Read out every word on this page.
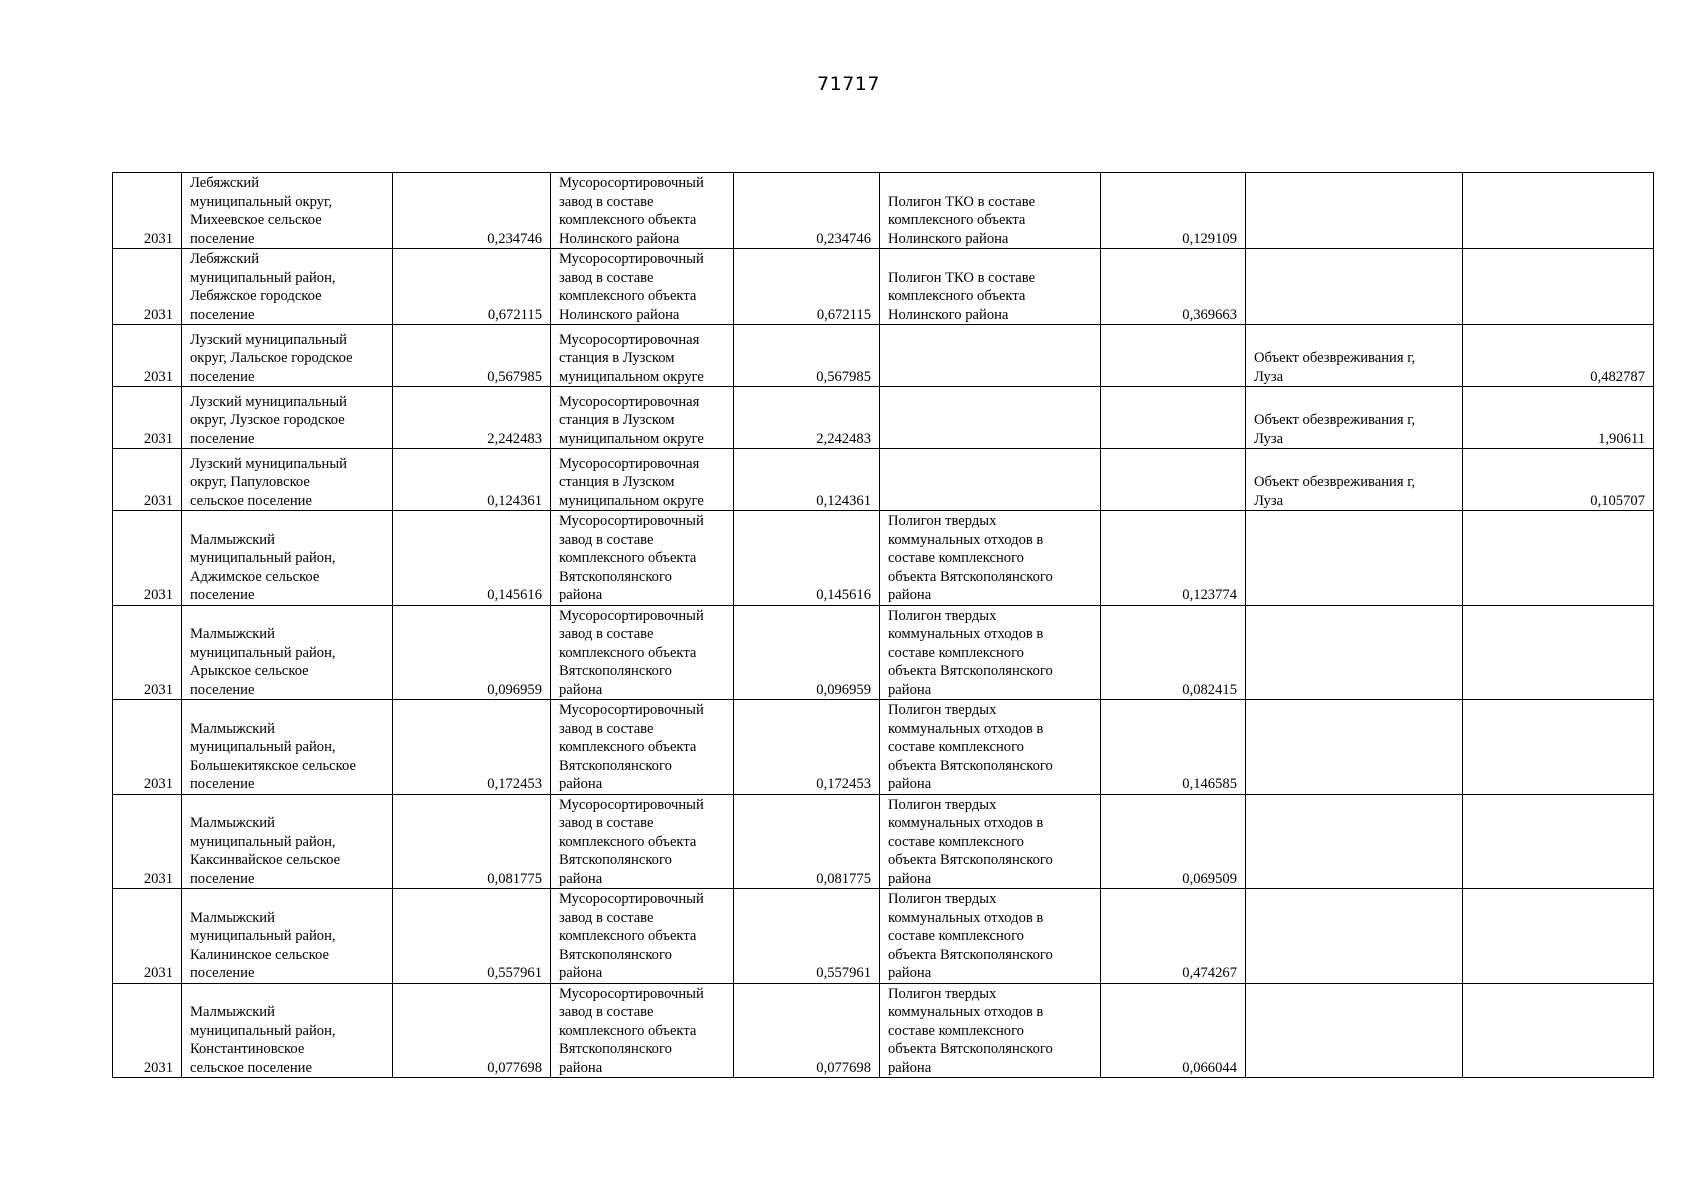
71717
2031	Лебяжский
муниципальный округ,
Михеевское сельское
поселение	0,234746	Мусоросортировочный
завод в составе
комплексного объекта
Нолинского района	0,234746	Полигон ТКО в составе
комплексного объекта
Нолинского района	0,129109		

2031	Лебяжский
муниципальный район,
Лебяжское городское
поселение	0,672115	Мусоросортировочный
завод в составе
комплексного объекта
Нолинского района	0,672115	Полигон ТКО в составе
комплексного объекта
Нолинского района	0,369663		

2031	Лузский муниципальный
округ, Лальское городское
поселение	0,567985	Мусоросортировочная
станция в Лузском
муниципальном округе	0,567985			Объект обезвреживания г,
Луза	0,482787

2031	Лузский муниципальный
округ, Лузское городское
поселение	2,242483	Мусоросортировочная
станция в Лузском
муниципальном округе	2,242483			Объект обезвреживания г,
Луза	1,90611

2031	Лузский муниципальный
округ, Папуловское
сельское поселение	0,124361	Мусоросортировочная
станция в Лузском
муниципальном округе	0,124361			Объект обезвреживания г,
Луза	0,105707

2031	Малмыжский
муниципальный район,
Аджимское сельское
поселение	0,145616	Мусоросортировочный
завод в составе
комплексного объекта
Вятскополянского
района	0,145616	Полигон твердых
коммунальных отходов в
составе комплексного
объекта Вятскополянского
района	0,123774		

2031	Малмыжский
муниципальный район,
Арыкское сельское
поселение	0,096959	Мусоросортировочный
завод в составе
комплексного объекта
Вятскополянского
района	0,096959	Полигон твердых
коммунальных отходов в
составе комплексного
объекта Вятскополянского
района	0,082415		

2031	Малмыжский
муниципальный район,
Большекитякское сельское
поселение	0,172453	Мусоросортировочный
завод в составе
комплексного объекта
Вятскополянского
района	0,172453	Полигон твердых
коммунальных отходов в
составе комплексного
объекта Вятскополянского
района	0,146585		

2031	Малмыжский
муниципальный район,
Каксинвайское сельское
поселение	0,081775	Мусоросортировочный
завод в составе
комплексного объекта
Вятскополянского
района	0,081775	Полигон твердых
коммунальных отходов в
составе комплексного
объекта Вятскополянского
района	0,069509		

2031	Малмыжский
муниципальный район,
Калининское сельское
поселение	0,557961	Мусоросортировочный
завод в составе
комплексного объекта
Вятскополянского
района	0,557961	Полигон твердых
коммунальных отходов в
составе комплексного
объекта Вятскополянского
района	0,474267		

2031	Малмыжский
муниципальный район,
Константиновское
сельское поселение	0,077698	Мусоросортировочный
завод в составе
комплексного объекта
Вятскополянского
района	0,077698	Полигон твердых
коммунальных отходов в
составе комплексного
объекта Вятскополянского
района	0,066044		
